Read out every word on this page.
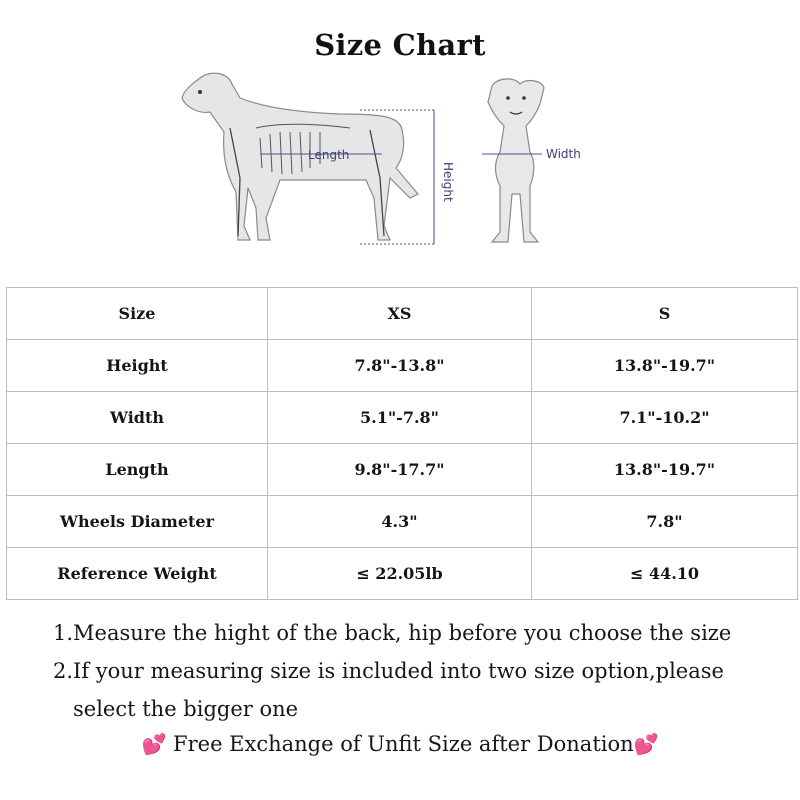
Size Chart
Length
Height
Width
Size	XS	S
Height	7.8"-13.8"	13.8"-19.7"
Width	5.1"-7.8"	7.1"-10.2"
Length	9.8"-17.7"	13.8"-19.7"
Wheels Diameter	4.3"	7.8"
Reference Weight	≤ 22.05lb	≤ 44.10

1.Measure the hight of the back, hip before you choose the size

2.If your measuring size is included into two size option,please

select the bigger one

💕 Free Exchange of Unfit Size after Donation💕
